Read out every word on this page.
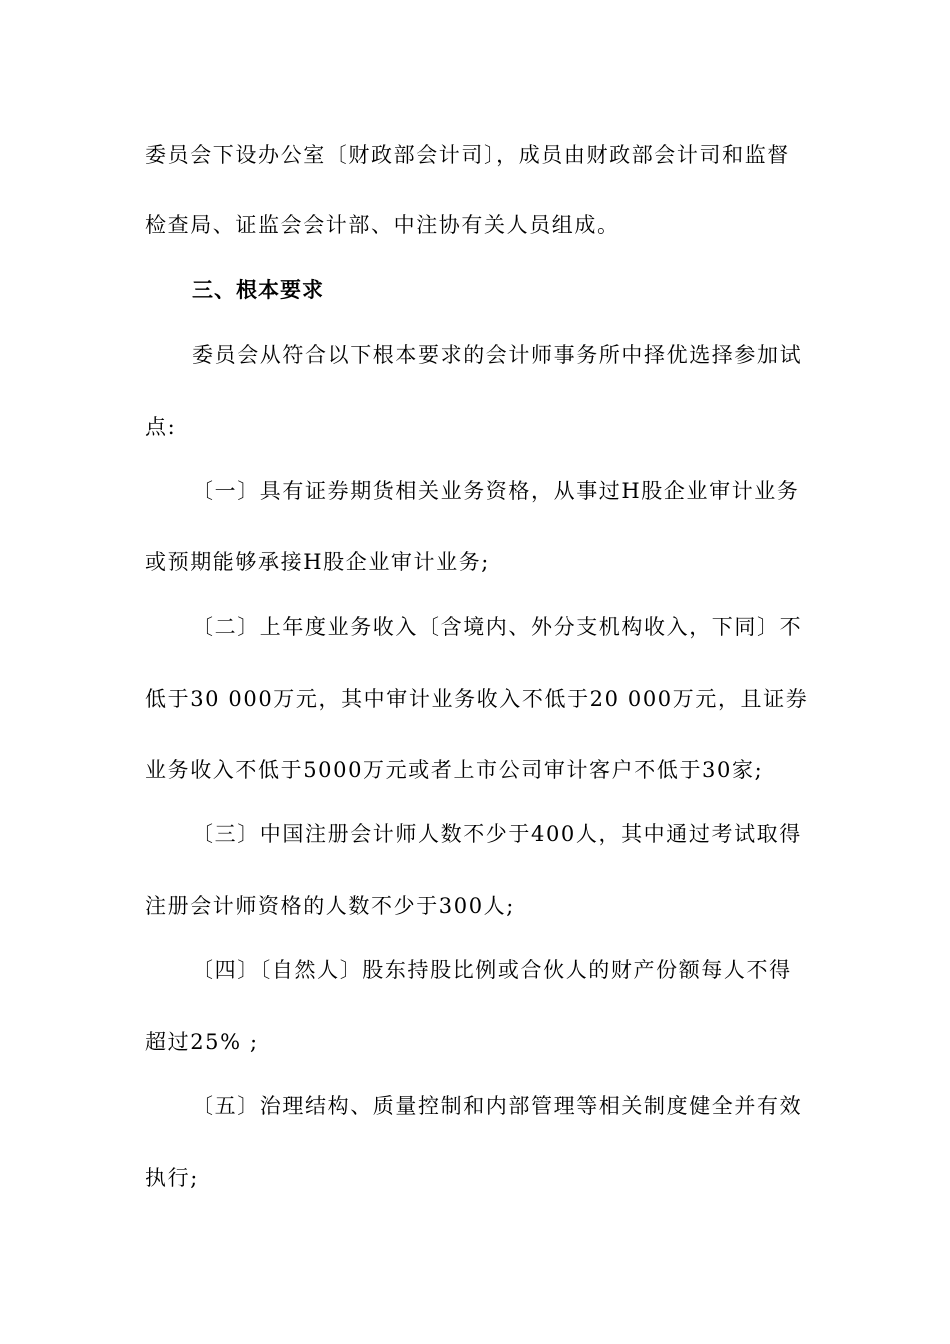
委员会下设办公室〔财政部会计司〕，成员由财政部会计司和监督
检查局、证监会会计部、中注协有关人员组成。
三、根本要求
委员会从符合以下根本要求的会计师事务所中择优选择参加试
点:
〔一〕具有证券期货相关业务资格，从事过H股企业审计业务
或预期能够承接H股企业审计业务;
〔二〕上年度业务收入〔含境内、外分支机构收入，下同〕不
低于30 000万元，其中审计业务收入不低于20 000万元，且证券
业务收入不低于5000万元或者上市公司审计客户不低于30家;
〔三〕中国注册会计师人数不少于400人，其中通过考试取得
注册会计师资格的人数不少于300人;
〔四〕〔自然人〕股东持股比例或合伙人的财产份额每人不得
超过25% ;
〔五〕治理结构、质量控制和内部管理等相关制度健全并有效
执行;
